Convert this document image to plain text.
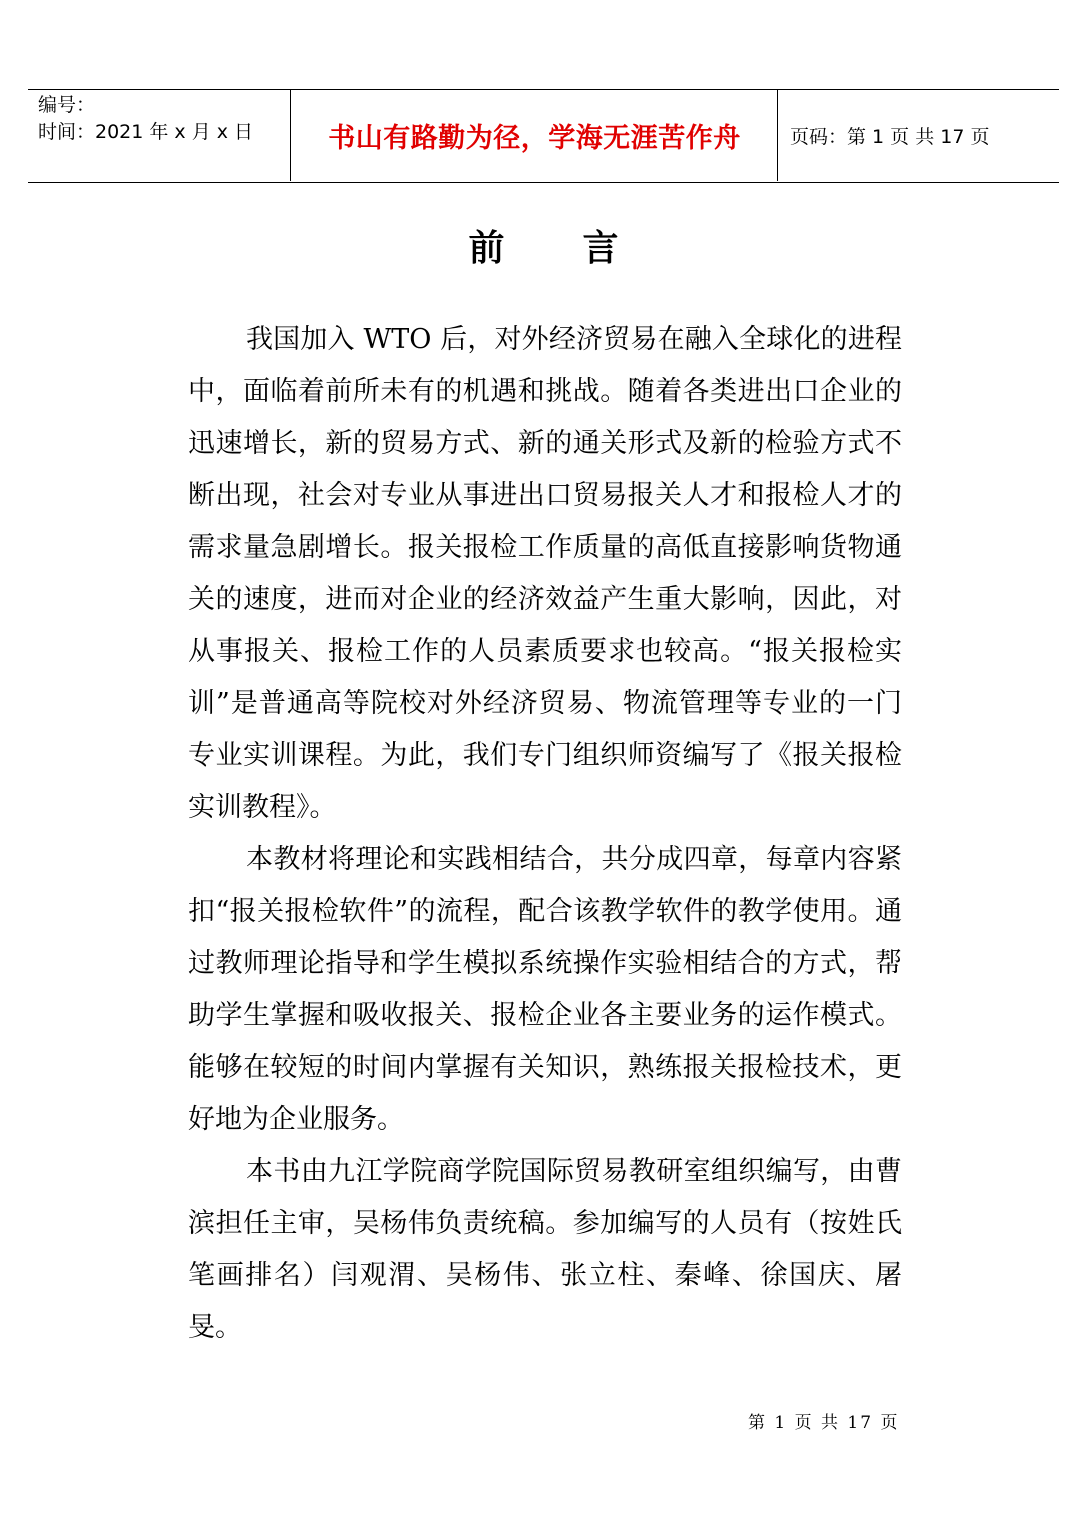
编号：
时间：2021 年 x 月 x 日	书山有路勤为径，学海无涯苦作舟	页码：第 1 页 共 17 页
前言

我国加入 WTO 后，对外经济贸易在融入全球化的进程中，面临着前所未有的机遇和挑战。随着各类进出口企业的迅速增长，新的贸易方式、新的通关形式及新的检验方式不断出现，社会对专业从事进出口贸易报关人才和报检人才的需求量急剧增长。报关报检工作质量的高低直接影响货物通关的速度，进而对企业的经济效益产生重大影响，因此，对从事报关、报检工作的人员素质要求也较高。“报关报检实训”是普通高等院校对外经济贸易、物流管理等专业的一门专业实训课程。为此，我们专门组织师资编写了《报关报检实训教程》。

本教材将理论和实践相结合，共分成四章，每章内容紧扣“报关报检软件”的流程，配合该教学软件的教学使用。通过教师理论指导和学生模拟系统操作实验相结合的方式，帮助学生掌握和吸收报关、报检企业各主要业务的运作模式。能够在较短的时间内掌握有关知识，熟练报关报检技术，更好地为企业服务。

本书由九江学院商学院国际贸易教研室组织编写，由曹滨担任主审，吴杨伟负责统稿。参加编写的人员有（按姓氏笔画排名）闫观渭、吴杨伟、张立柱、秦峰、徐国庆、屠旻。

第 1 页 共 17 页
